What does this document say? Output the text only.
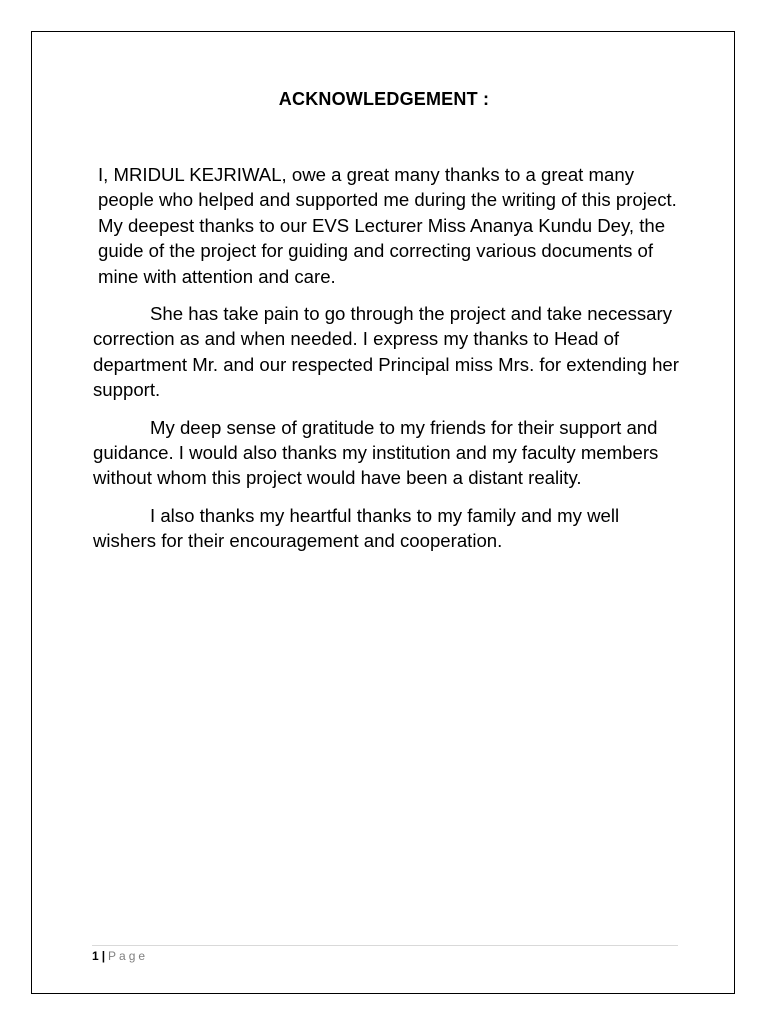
ACKNOWLEDGEMENT :

I, MRIDUL KEJRIWAL, owe a great many thanks to a great many people who helped and supported me during the writing of this project. My deepest thanks to our EVS Lecturer Miss Ananya Kundu Dey, the guide of the project for guiding and correcting various documents of mine with attention and care.

She has take pain to go through the project and take necessary correction as and when needed. I express my thanks to Head of department Mr. and our respected Principal miss Mrs. for extending her support.

My deep sense of gratitude to my friends for their support and guidance. I would also thanks my institution and my faculty members without whom this project would have been a distant reality.

I also thanks my heartful thanks to my family and my well wishers for their encouragement and cooperation.

1 | Page
